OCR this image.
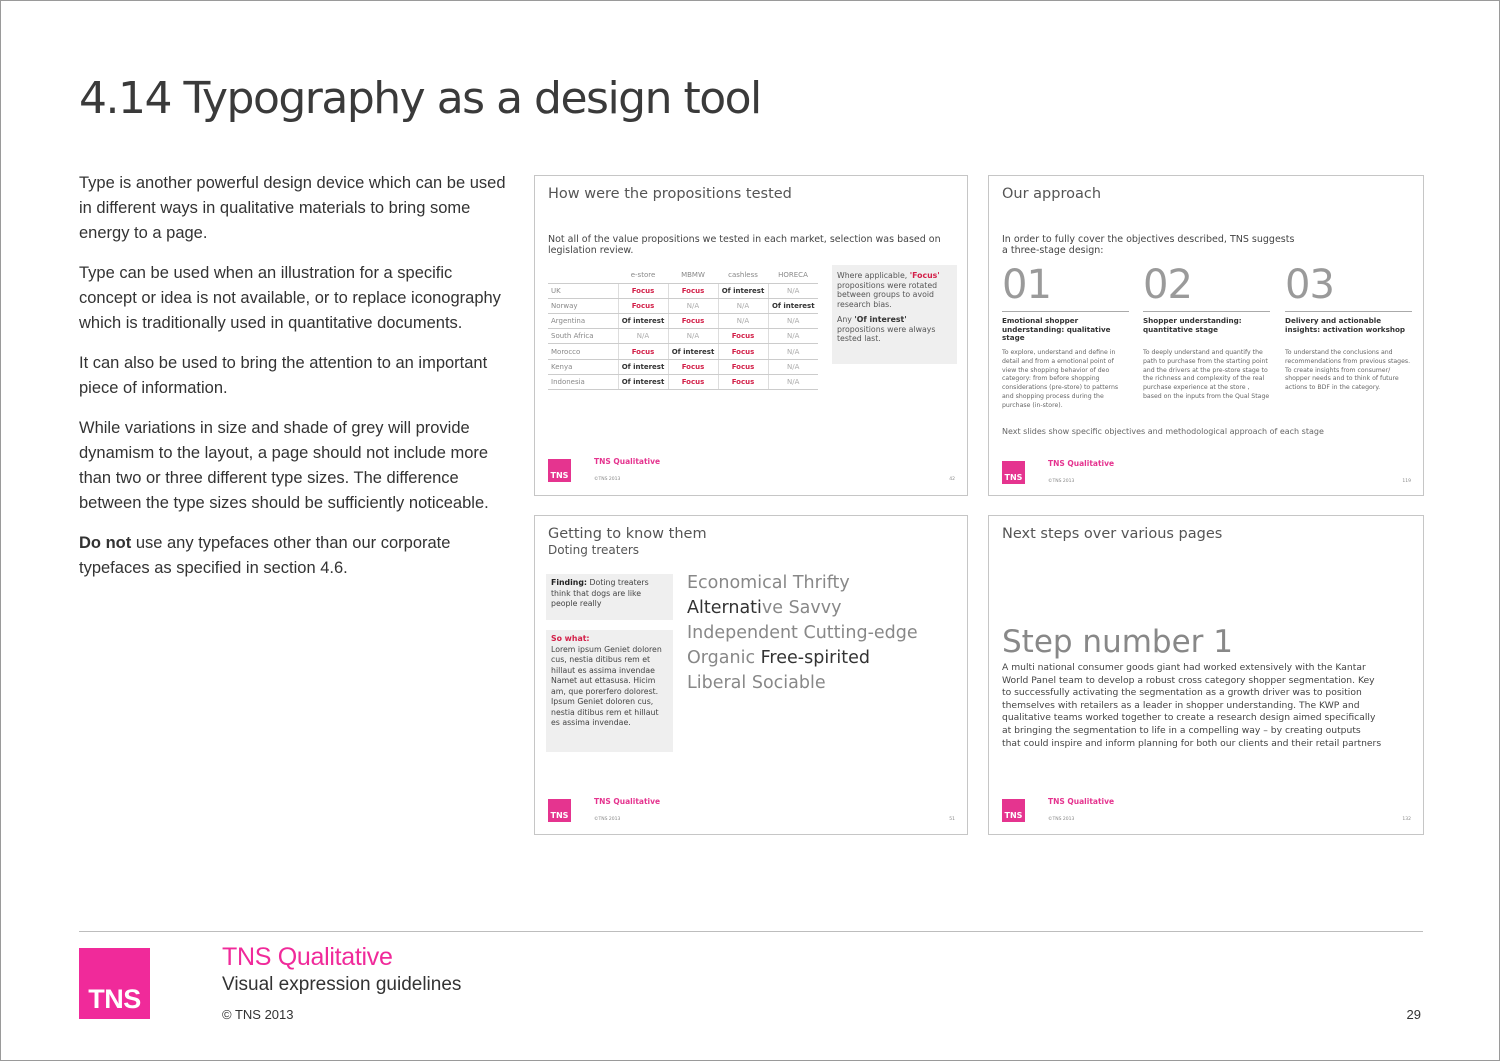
4.14 Typography as a design tool

Type is another powerful design device which can be used in different ways in qualitative materials to bring some energy to a page.

Type can be used when an illustration for a specific concept or idea is not available, or to replace iconography which is traditionally used in quantitative documents.

It can also be used to bring the attention to an important piece of information.

While variations in size and shade of grey will provide dynamism to the layout, a page should not include more than two or three different type sizes. The difference between the type sizes should be sufficiently noticeable.

Do not use any typefaces other than our corporate typefaces as specified in section 4.6.

How were the propositions tested
Not all of the value propositions we tested in each market, selection was based on legislation review.
	e-store	MBMW	cashless	HORECA
UK	Focus	Focus	Of interest	N/A
Norway	Focus	N/A	N/A	Of interest
Argentina	Of interest	Focus	N/A	N/A
South Africa	N/A	N/A	Focus	N/A
Morocco	Focus	Of interest	Focus	N/A
Kenya	Of interest	Focus	Focus	N/A
Indonesia	Of interest	Focus	Focus	N/A
Where applicable, 'Focus' propositions were rotated between groups to avoid research bias.
Any 'Of interest' propositions were always tested last.
TNS
TNS Qualitative
©TNS 2013	42
Our approach
In order to fully cover the objectives described, TNS suggests a three-stage design:
01
Emotional shopper understanding: qualitative stage
To explore, understand and define in detail and from a emotional point of view the shopping behavior of deo category: from before shopping considerations (pre-store) to patterns and shopping process during the purchase (in-store).
02
Shopper understanding: quantitative stage
To deeply understand and quantify the path to purchase from the starting point and the drivers at the pre-store stage to the richness and complexity of the real purchase experience at the store , based on the inputs from the Qual Stage
03
Delivery and actionable insights: activation workshop
To understand the conclusions and recommendations from previous stages. To create insights from consumer/ shopper needs and to think of future actions to BDF in the category.
Next slides show specific objectives and methodological approach of each stage
TNS
TNS Qualitative
©TNS 2013	119
Getting to know them
Doting treaters
Finding: Doting treaters think that dogs are like people really
So what:
Lorem ipsum Geniet doloren cus, nestia ditibus rem et hillaut es assima invendae Namet aut ettasusa. Hicim am, que porerfero dolorest. Ipsum Geniet doloren cus, nestia ditibus rem et hillaut es assima invendae.
Economical Thrifty
Alternative Savvy
Independent Cutting-edge
Organic Free-spirited
Liberal Sociable
TNS
TNS Qualitative
©TNS 2013	51
Next steps over various pages
Step number 1
A multi national consumer goods giant had worked extensively with the Kantar World Panel team to develop a robust cross category shopper segmentation. Key to successfully activating the segmentation as a growth driver was to position themselves with retailers as a leader in shopper understanding. The KWP and qualitative teams worked together to create a research design aimed specifically at bringing the segmentation to life in a compelling way – by creating outputs that could inspire and inform planning for both our clients and their retail partners
TNS
TNS Qualitative
©TNS 2013	132
TNS
TNS Qualitative
Visual expression guidelines
© TNS 2013	29
